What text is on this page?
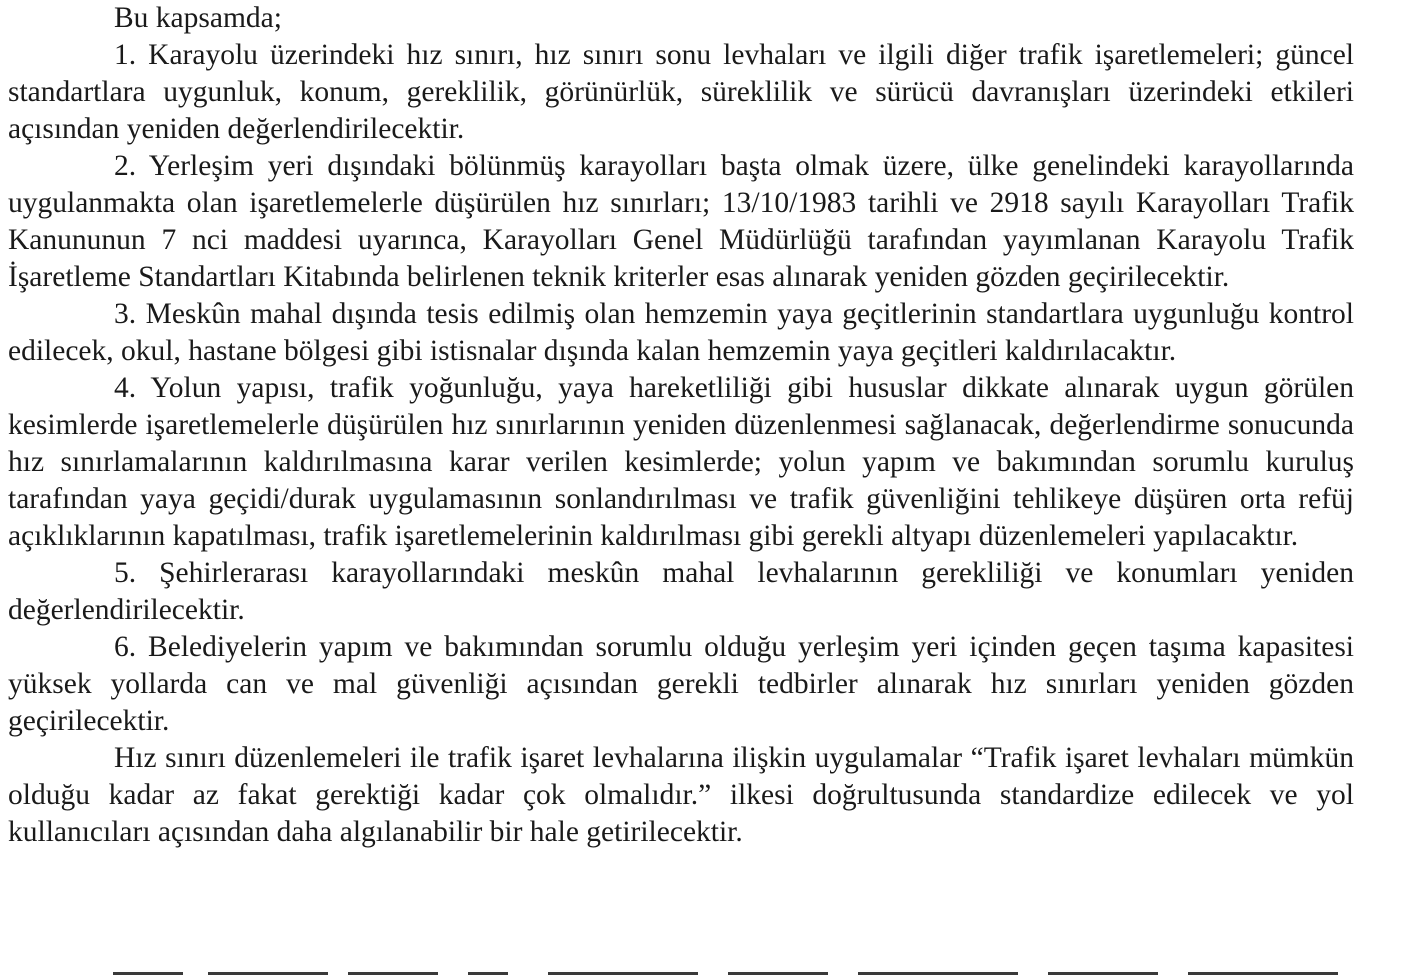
Bu kapsamda;

1. Karayolu üzerindeki hız sınırı, hız sınırı sonu levhaları ve ilgili diğer trafik işaretlemeleri; güncel standartlara uygunluk, konum, gereklilik, görünürlük, süreklilik ve sürücü davranışları üzerindeki etkileri açısından yeniden değerlendirilecektir.

2. Yerleşim yeri dışındaki bölünmüş karayolları başta olmak üzere, ülke genelindeki karayollarında uygulanmakta olan işaretlemelerle düşürülen hız sınırları; 13/10/1983 tarihli ve 2918 sayılı Karayolları Trafik Kanununun 7 nci maddesi uyarınca, Karayolları Genel Müdürlüğü tarafından yayımlanan Karayolu Trafik İşaretleme Standartları Kitabında belirlenen teknik kriterler esas alınarak yeniden gözden geçirilecektir.

3. Meskûn mahal dışında tesis edilmiş olan hemzemin yaya geçitlerinin standartlara uygunluğu kontrol edilecek, okul, hastane bölgesi gibi istisnalar dışında kalan hemzemin yaya geçitleri kaldırılacaktır.

4. Yolun yapısı, trafik yoğunluğu, yaya hareketliliği gibi hususlar dikkate alınarak uygun görülen kesimlerde işaretlemelerle düşürülen hız sınırlarının yeniden düzenlenmesi sağlanacak, değerlendirme sonucunda hız sınırlamalarının kaldırılmasına karar verilen kesimlerde; yolun yapım ve bakımından sorumlu kuruluş tarafından yaya geçidi/durak uygulamasının sonlandırılması ve trafik güvenliğini tehlikeye düşüren orta refüj açıklıklarının kapatılması, trafik işaretlemelerinin kaldırılması gibi gerekli altyapı düzenlemeleri yapılacaktır.

5. Şehirlerarası karayollarındaki meskûn mahal levhalarının gerekliliği ve konumları yeniden değerlendirilecektir.

6. Belediyelerin yapım ve bakımından sorumlu olduğu yerleşim yeri içinden geçen taşıma kapasitesi yüksek yollarda can ve mal güvenliği açısından gerekli tedbirler alınarak hız sınırları yeniden gözden geçirilecektir.

Hız sınırı düzenlemeleri ile trafik işaret levhalarına ilişkin uygulamalar “Trafik işaret levhaları mümkün olduğu kadar az fakat gerektiği kadar çok olmalıdır.” ilkesi doğrultusunda standardize edilecek ve yol kullanıcıları açısından daha algılanabilir bir hale getirilecektir.
